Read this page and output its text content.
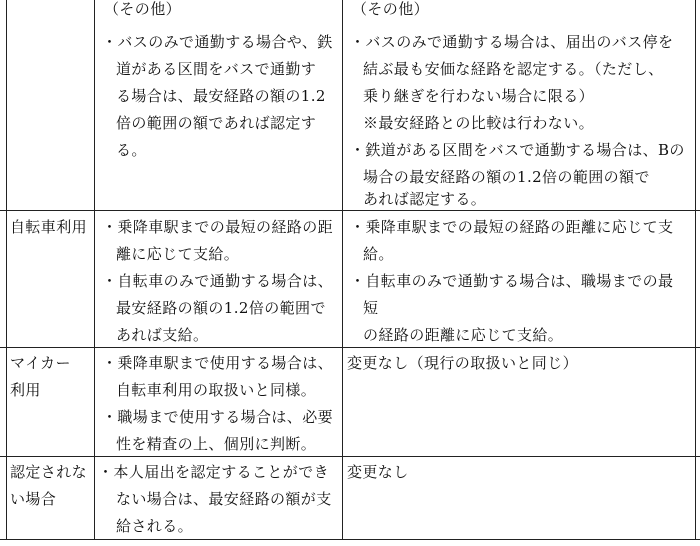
（その他）
・バスのみで通勤する場合や、鉄
道がある区間をバスで通勤す
る場合は、最安経路の額の1.2
倍の範囲の額であれば認定す
る。
（その他）
・バスのみで通勤する場合は、届出のバス停を
結ぶ最も安価な経路を認定する。（ただし、
乗り継ぎを行わない場合に限る）
※最安経路との比較は行わない。
・鉄道がある区間をバスで通勤する場合は、Bの
場合の最安経路の額の1.2倍の範囲の額で
あれば認定する。
自転車利用 ・乗降車駅までの最短の経路の距
離に応じて支給。
・自転車のみで通勤する場合は、
最安経路の額の1.2倍の範囲で
あれば支給。
・乗降車駅までの最短の経路の距離に応じて支
給。
・自転車のみで通勤する場合は、職場までの最
短
の経路の距離に応じて支給。
マイカー
利用
・乗降車駅まで使用する場合は、
自転車利用の取扱いと同様。
・職場まで使用する場合は、必要
性を精査の上、個別に判断。
変更なし（現行の取扱いと同じ）
認定されな
い場合
・本人届出を認定することができ
ない場合は、最安経路の額が支
給される。
変更なし
